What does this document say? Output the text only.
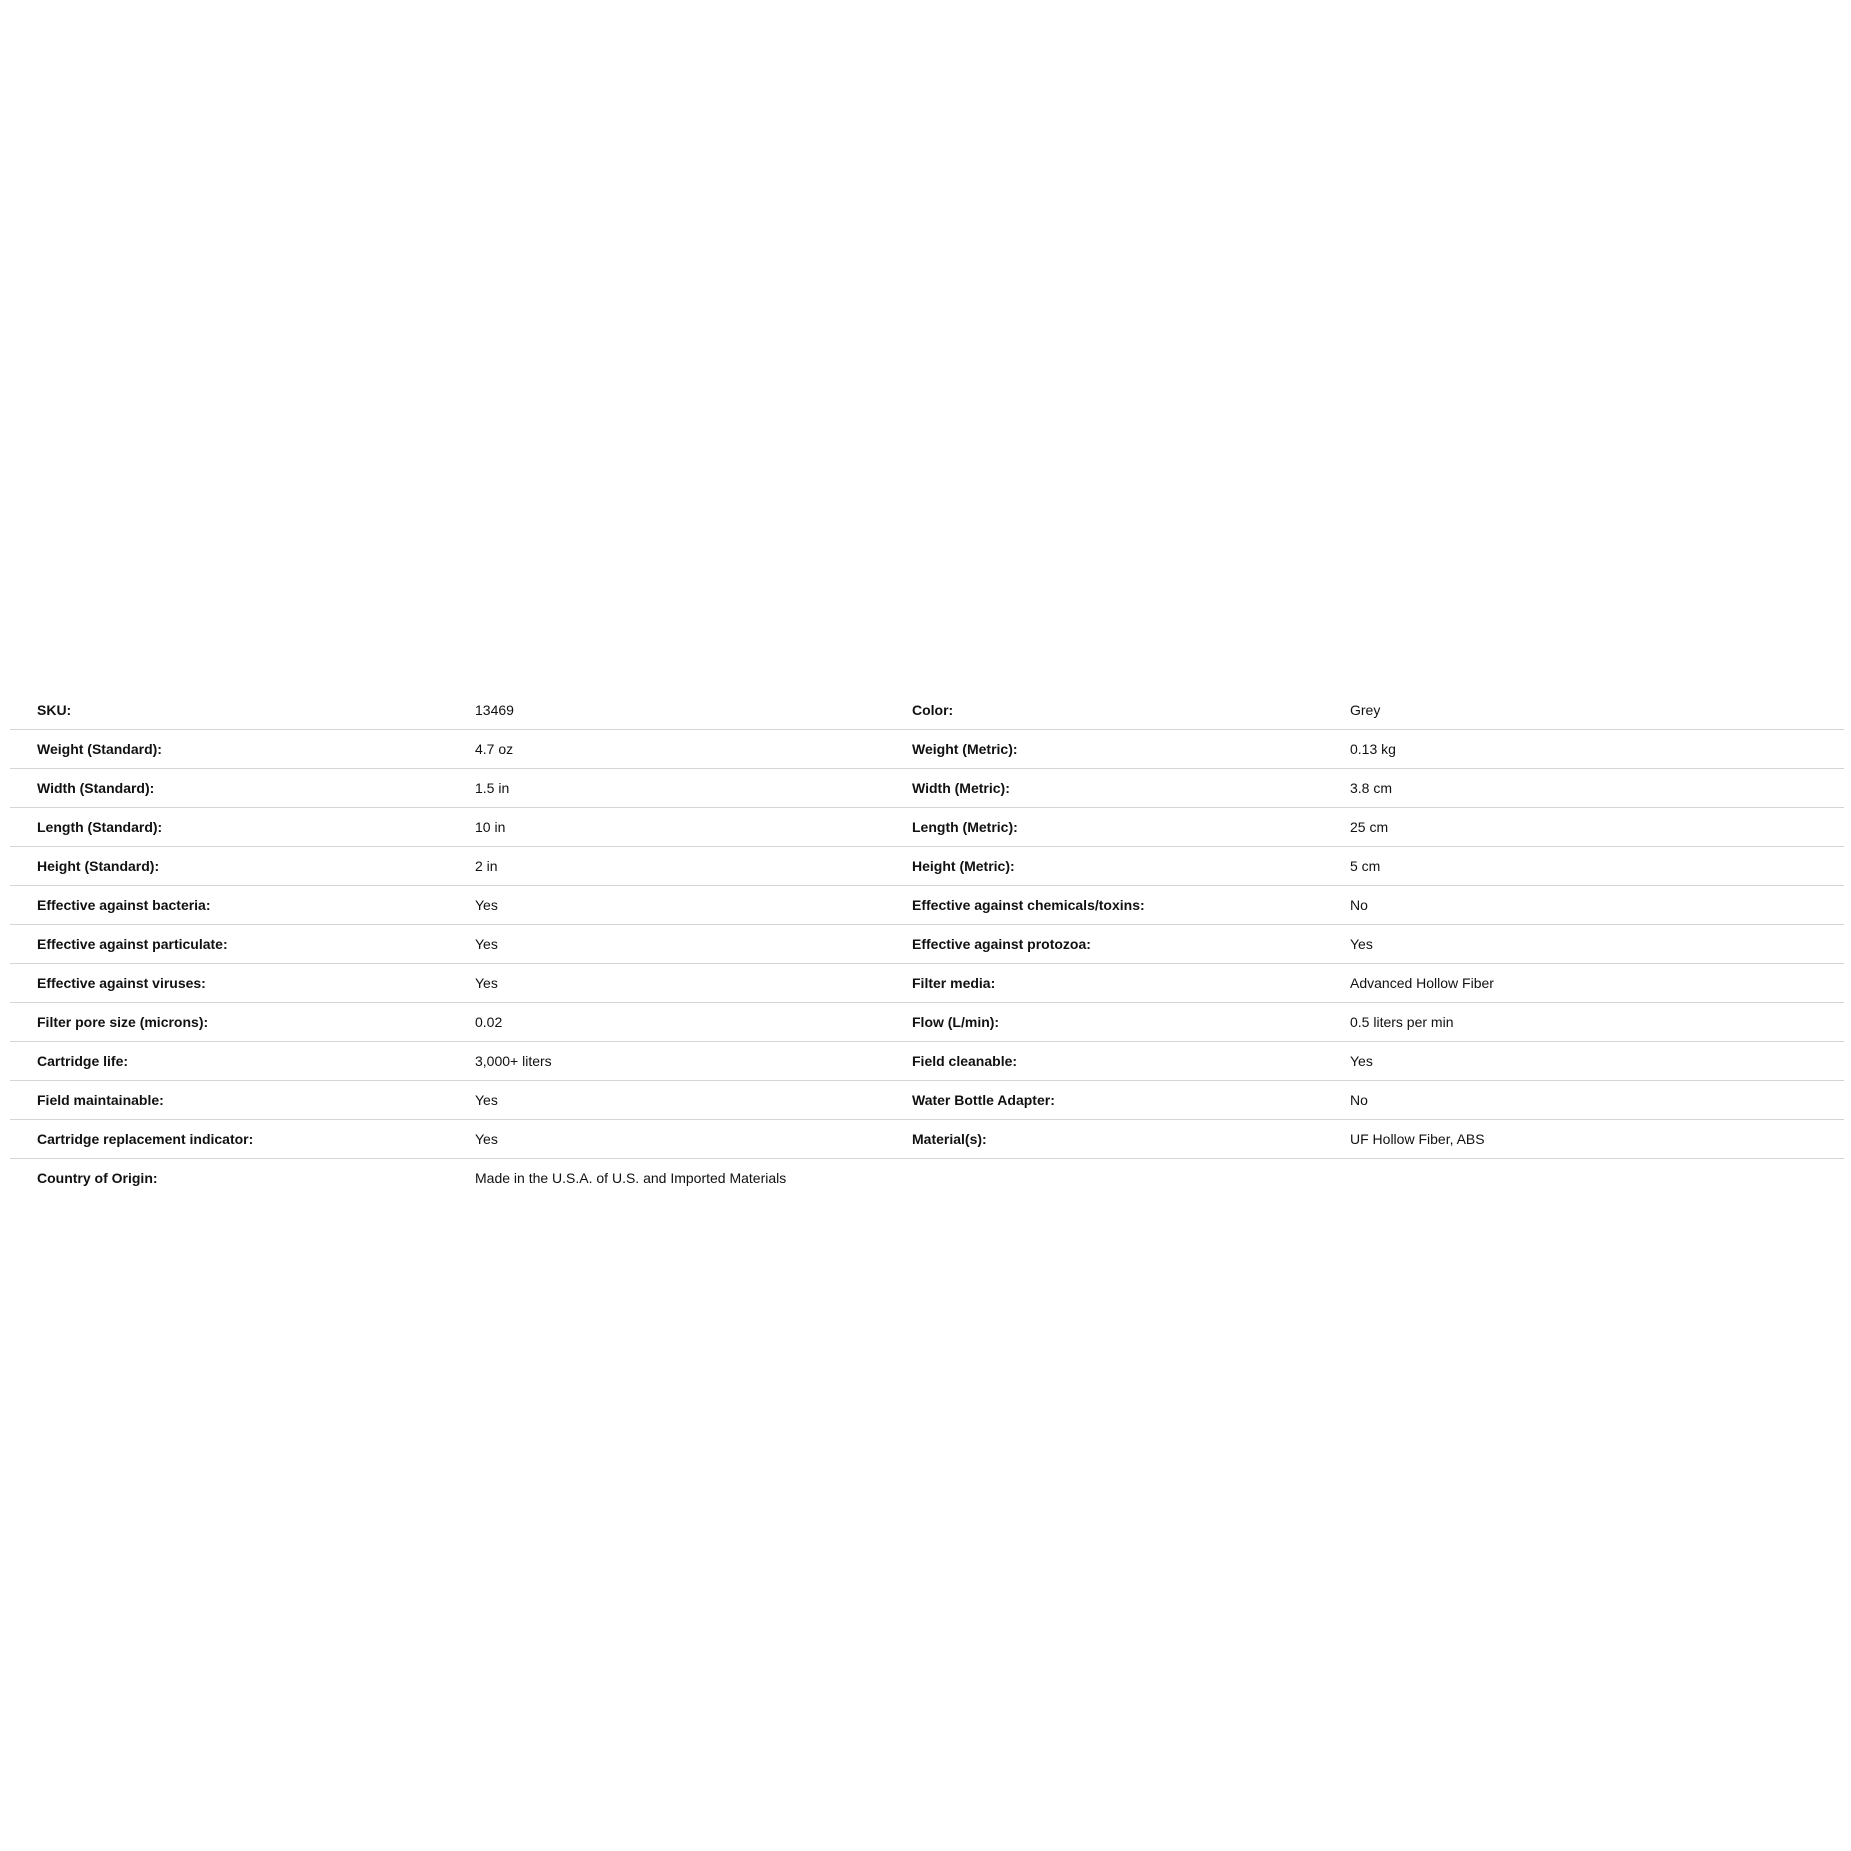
SKU:	13469	Color:	Grey
Weight (Standard):	4.7 oz	Weight (Metric):	0.13 kg
Width (Standard):	1.5 in	Width (Metric):	3.8 cm
Length (Standard):	10 in	Length (Metric):	25 cm
Height (Standard):	2 in	Height (Metric):	5 cm
Effective against bacteria:	Yes	Effective against chemicals/toxins:	No
Effective against particulate:	Yes	Effective against protozoa:	Yes
Effective against viruses:	Yes	Filter media:	Advanced Hollow Fiber
Filter pore size (microns):	0.02	Flow (L/min):	0.5 liters per min
Cartridge life:	3,000+ liters	Field cleanable:	Yes
Field maintainable:	Yes	Water Bottle Adapter:	No
Cartridge replacement indicator:	Yes	Material(s):	UF Hollow Fiber, ABS
Country of Origin:	Made in the U.S.A. of U.S. and Imported Materials
